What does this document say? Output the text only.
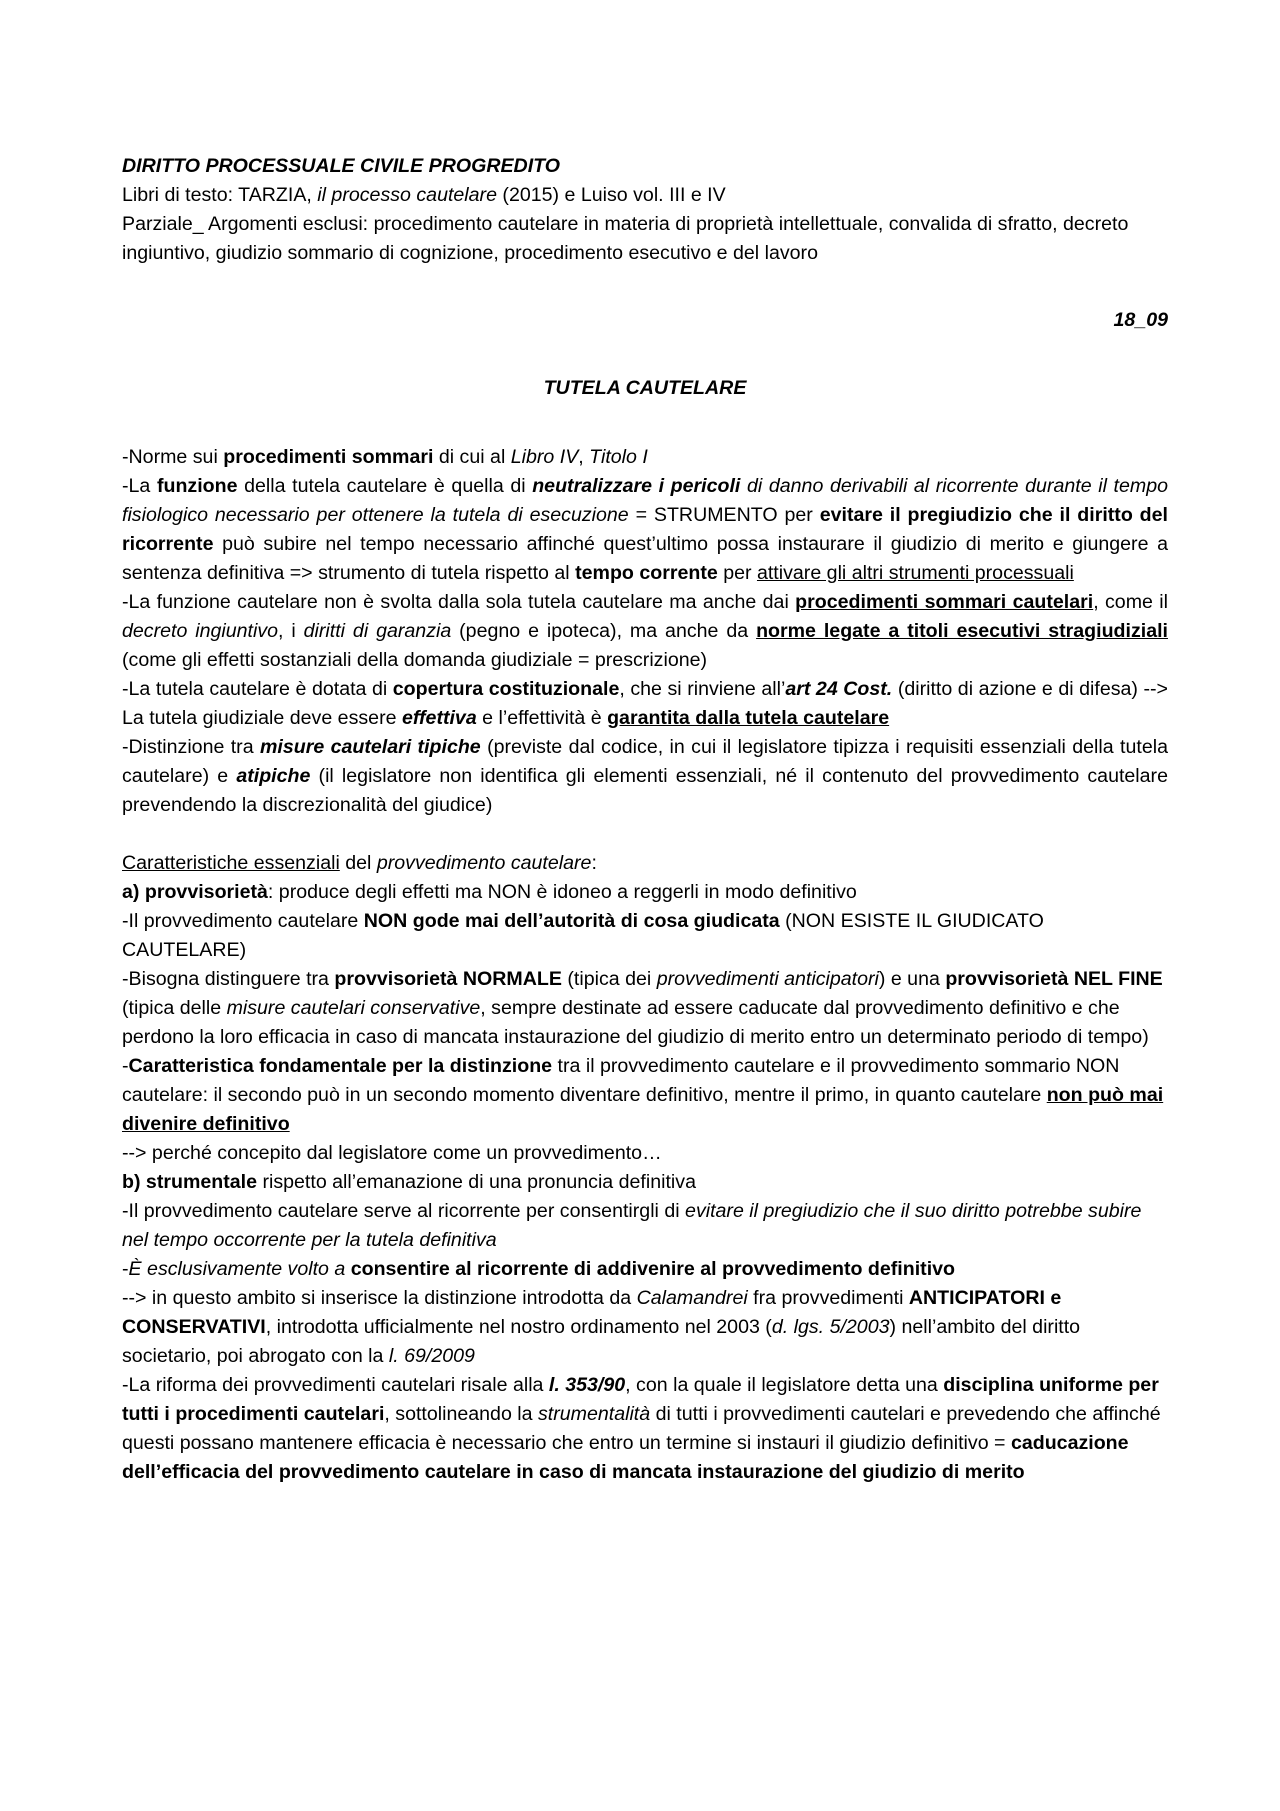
DIRITTO PROCESSUALE CIVILE PROGREDITO

Libri di testo: TARZIA, il processo cautelare (2015) e Luiso vol. III e IV

Parziale_ Argomenti esclusi: procedimento cautelare in materia di proprietà intellettuale, convalida di sfratto, decreto ingiuntivo, giudizio sommario di cognizione, procedimento esecutivo e del lavoro

18_09

TUTELA CAUTELARE

-Norme sui procedimenti sommari di cui al Libro IV, Titolo I

-La funzione della tutela cautelare è quella di neutralizzare i pericoli di danno derivabili al ricorrente durante il tempo fisiologico necessario per ottenere la tutela di esecuzione = STRUMENTO per evitare il pregiudizio che il diritto del ricorrente può subire nel tempo necessario affinché quest’ultimo possa instaurare il giudizio di merito e giungere a sentenza definitiva => strumento di tutela rispetto al tempo corrente per attivare gli altri strumenti processuali

-La funzione cautelare non è svolta dalla sola tutela cautelare ma anche dai procedimenti sommari cautelari, come il decreto ingiuntivo, i diritti di garanzia (pegno e ipoteca), ma anche da norme legate a titoli esecutivi stragiudiziali (come gli effetti sostanziali della domanda giudiziale = prescrizione)

-La tutela cautelare è dotata di copertura costituzionale, che si rinviene all’art 24 Cost. (diritto di azione e di difesa) --> La tutela giudiziale deve essere effettiva e l’effettività è garantita dalla tutela cautelare

-Distinzione tra misure cautelari tipiche (previste dal codice, in cui il legislatore tipizza i requisiti essenziali della tutela cautelare) e atipiche (il legislatore non identifica gli elementi essenziali, né il contenuto del provvedimento cautelare prevendendo la discrezionalità del giudice)

Caratteristiche essenziali del provvedimento cautelare:

a) provvisorietà: produce degli effetti ma NON è idoneo a reggerli in modo definitivo

-Il provvedimento cautelare NON gode mai dell’autorità di cosa giudicata (NON ESISTE IL GIUDICATO CAUTELARE)

-Bisogna distinguere tra provvisorietà NORMALE (tipica dei provvedimenti anticipatori) e una provvisorietà NEL FINE (tipica delle misure cautelari conservative, sempre destinate ad essere caducate dal provvedimento definitivo e che perdono la loro efficacia in caso di mancata instaurazione del giudizio di merito entro un determinato periodo di tempo)

-Caratteristica fondamentale per la distinzione tra il provvedimento cautelare e il provvedimento sommario NON cautelare: il secondo può in un secondo momento diventare definitivo, mentre il primo, in quanto cautelare non può mai divenire definitivo

--> perché concepito dal legislatore come un provvedimento…

b) strumentale rispetto all’emanazione di una pronuncia definitiva

-Il provvedimento cautelare serve al ricorrente per consentirgli di evitare il pregiudizio che il suo diritto potrebbe subire nel tempo occorrente per la tutela definitiva

-È esclusivamente volto a consentire al ricorrente di addivenire al provvedimento definitivo

--> in questo ambito si inserisce la distinzione introdotta da Calamandrei fra provvedimenti ANTICIPATORI e CONSERVATIVI, introdotta ufficialmente nel nostro ordinamento nel 2003 (d. lgs. 5/2003) nell’ambito del diritto societario, poi abrogato con la l. 69/2009

-La riforma dei provvedimenti cautelari risale alla l. 353/90, con la quale il legislatore detta una disciplina uniforme per tutti i procedimenti cautelari, sottolineando la strumentalità di tutti i provvedimenti cautelari e prevedendo che affinché questi possano mantenere efficacia è necessario che entro un termine si instauri il giudizio definitivo = caducazione dell’efficacia del provvedimento cautelare in caso di mancata instaurazione del giudizio di merito
